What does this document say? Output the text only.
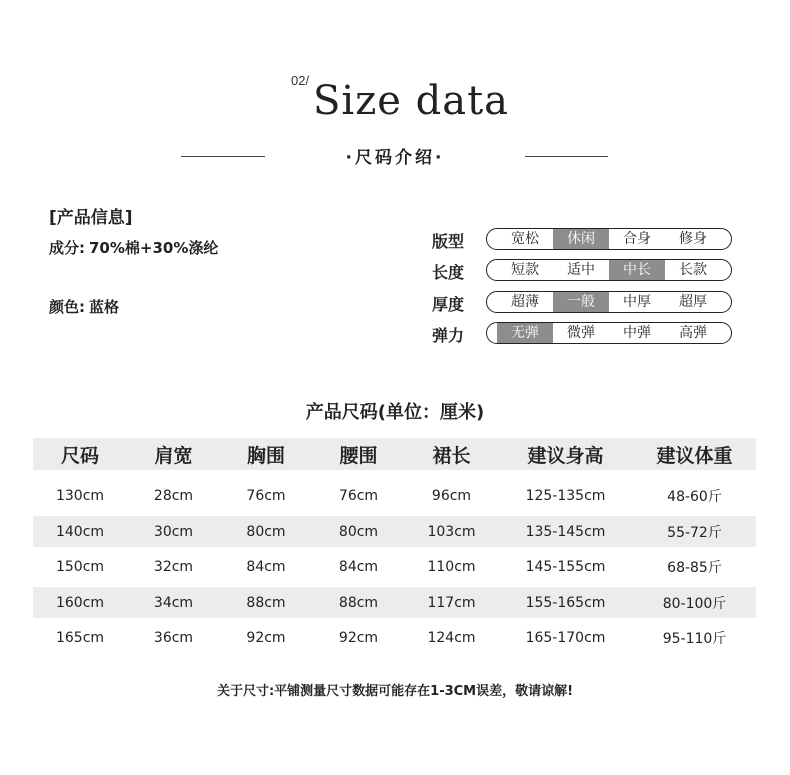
02/ Size data
·尺码介绍·
[产品信息]
成分: 70%棉+30%涤纶
颜色: 蓝格
版型	宽松	休闲	合身	修身
长度	短款	适中	中长	长款
厚度	超薄	一般	中厚	超厚
弹力	无弹	微弹	中弹	高弹
产品尺码(单位：厘米)
尺码	肩宽	胸围	腰围	裙长	建议身高	建议体重
130cm	28cm	76cm	76cm	96cm	125-135cm	48-60斤
140cm	30cm	80cm	80cm	103cm	135-145cm	55-72斤
150cm	32cm	84cm	84cm	110cm	145-155cm	68-85斤
160cm	34cm	88cm	88cm	117cm	155-165cm	80-100斤
165cm	36cm	92cm	92cm	124cm	165-170cm	95-110斤
关于尺寸:平铺测量尺寸数据可能存在1-3CM误差，敬请谅解!
